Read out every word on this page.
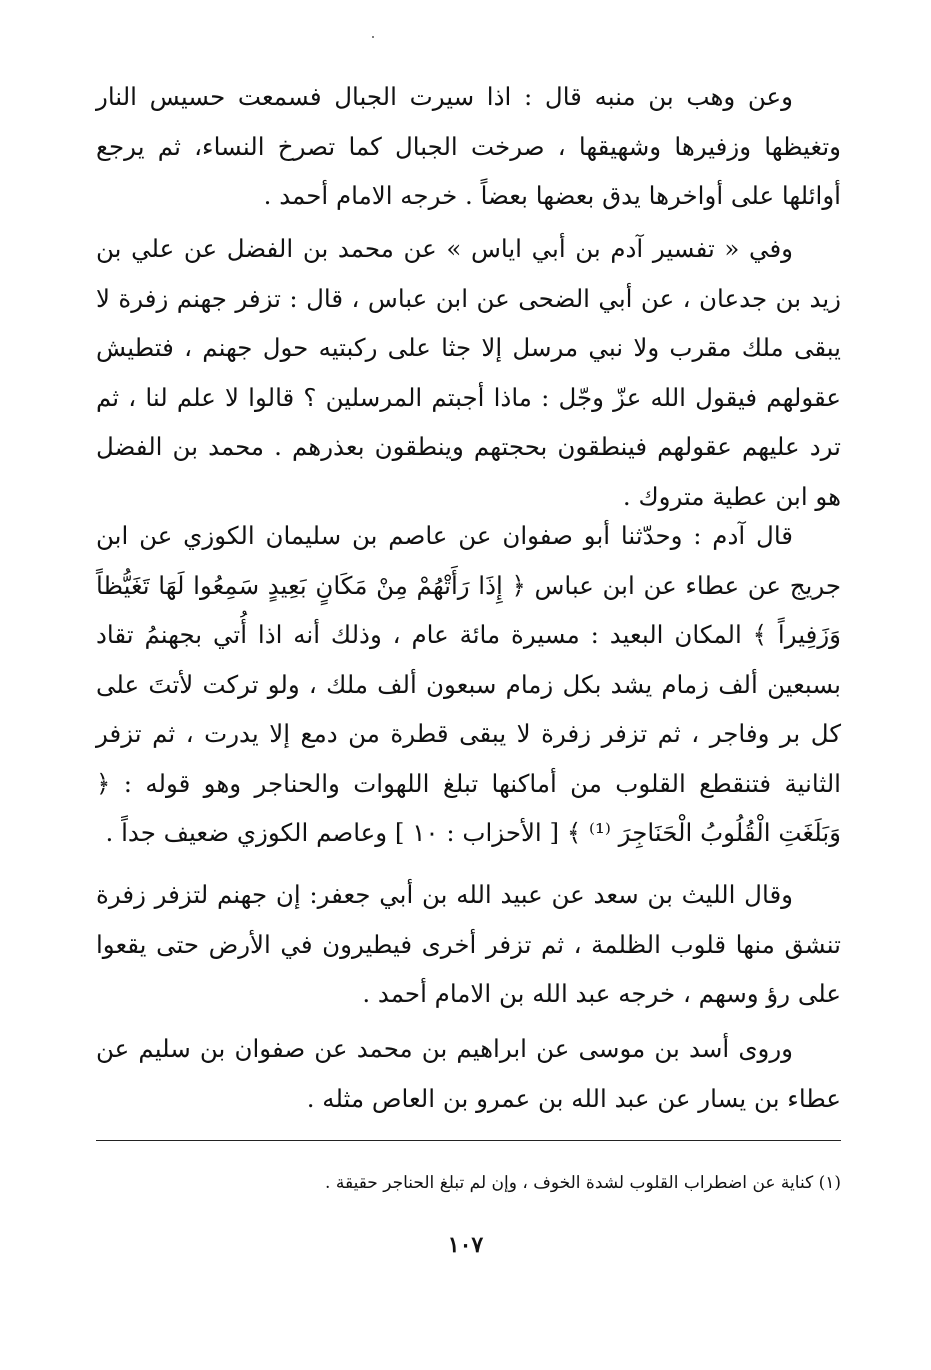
وعن وهب بن منبه قال : اذا سيرت الجبال فسمعت حسيس النار وتغيظها وزفيرها وشهيقها ، صرخت الجبال كما تصرخ النساء، ثم يرجع أوائلها على أواخرها يدق بعضها بعضاً . خرجه الامام أحمد .

وفي « تفسير آدم بن أبي اياس » عن محمد بن الفضل عن علي بن زيد بن جدعان ، عن أبي الضحى عن ابن عباس ، قال : تزفر جهنم زفرة لا يبقى ملك مقرب ولا نبي مرسل إلا جثا على ركبتيه حول جهنم ، فتطيش عقولهم فيقول الله عزّ وجّل : ماذا أجبتم المرسلين ؟ قالوا لا علم لنا ، ثم ترد عليهم عقولهم فينطقون بحجتهم وينطقون بعذرهم . محمد بن الفضل هو ابن عطية متروك .

قال آدم : وحدّثنا أبو صفوان عن عاصم بن سليمان الكوزي عن ابن جريج عن عطاء عن ابن عباس ﴿ إِذَا رَأَتْهُمْ مِنْ مَكَانٍ بَعِيدٍ سَمِعُوا لَهَا تَغَيُّظاً وَزَفِيراً ﴾ المكان البعيد : مسيرة مائة عام ، وذلك أنه اذا أُتي بجهنمُ تقاد بسبعين ألف زمام يشد بكل زمام سبعون ألف ملك ، ولو تركت لأتتَ على كل بر وفاجر ، ثم تزفر زفرة لا يبقى قطرة من دمع إلا يدرت ، ثم تزفر الثانية فتنقطع القلوب من أماكنها تبلغ اللهوات والحناجر وهو قوله : ﴿ وَبَلَغَتِ الْقُلُوبُ الْحَنَاجِرَ ⁽¹⁾ ﴾ [ الأحزاب : ١٠ ] وعاصم الكوزي ضعيف جداً .

وقال الليث بن سعد عن عبيد الله بن أبي جعفر: إن جهنم لتزفر زفرة تنشق منها قلوب الظلمة ، ثم تزفر أخرى فيطيرون في الأرض حتى يقعوا على رؤ وسهم ، خرجه عبد الله بن الامام أحمد .

وروى أسد بن موسى عن ابراهيم بن محمد عن صفوان بن سليم عن عطاء بن يسار عن عبد الله بن عمرو بن العاص مثله .

(١) كناية عن اضطراب القلوب لشدة الخوف ، وإن لم تبلغ الحناجر حقيقة .
١٠٧
